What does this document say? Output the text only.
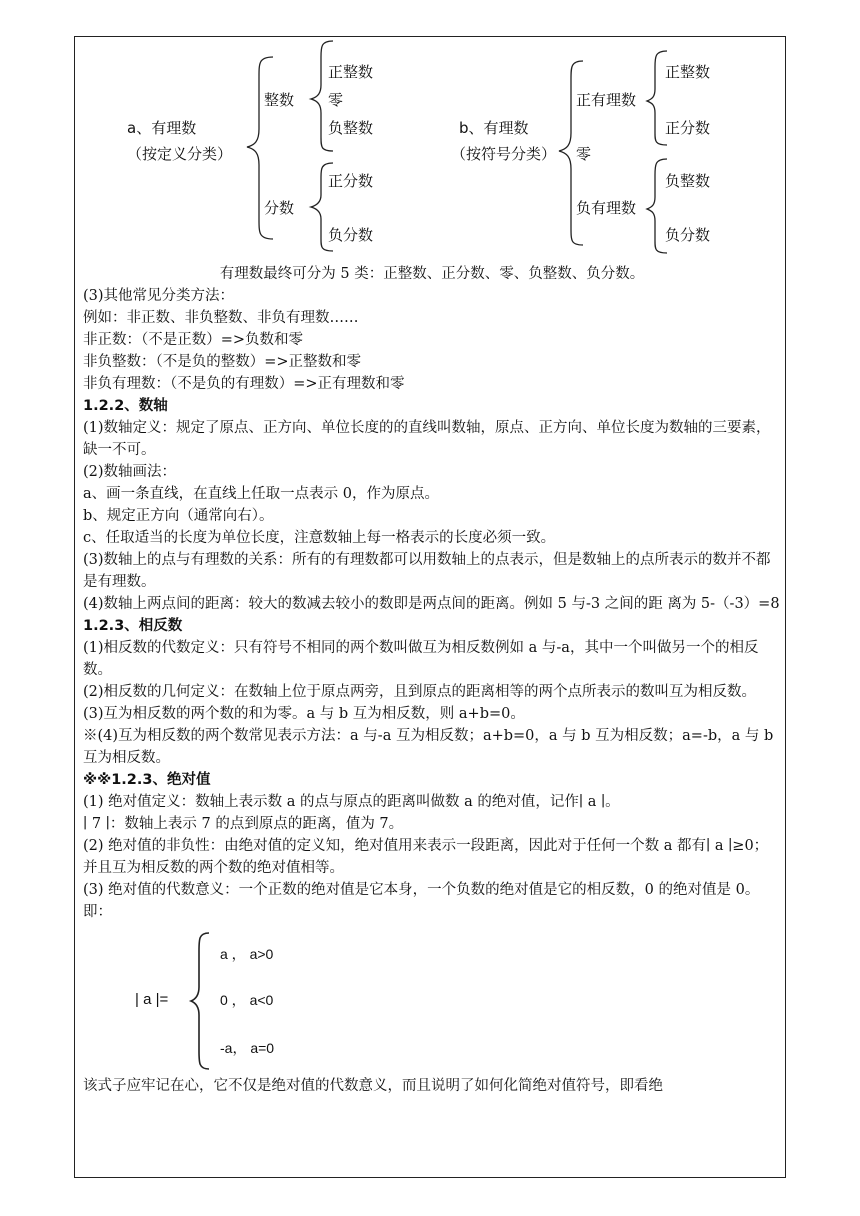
a、有理数
（按定义分类）
整数
正整数
零
负整数
分数
正分数
负分数
b、有理数
（按符号分类） 零
正有理数
正整数
正分数
负有理数
负整数
负分数

有理数最终可分为 5 类：正整数、正分数、零、负整数、负分数。

(3)其他常见分类方法：

例如：非正数、非负整数、非负有理数……

非正数：（不是正数）=>负数和零

非负整数：（不是负的整数）=>正整数和零

非负有理数：（不是负的有理数）=>正有理数和零

1.2.2、数轴

(1)数轴定义：规定了原点、正方向、单位长度的的直线叫数轴，原点、正方向、单位长度为数轴的三要素，缺一不可。

(2)数轴画法：

a、画一条直线，在直线上任取一点表示 0，作为原点。

b、规定正方向（通常向右）。

c、任取适当的长度为单位长度，注意数轴上每一格表示的长度必须一致。

(3)数轴上的点与有理数的关系：所有的有理数都可以用数轴上的点表示，但是数轴上的点所表示的数并不都是有理数。

(4)数轴上两点间的距离：较大的数减去较小的数即是两点间的距离。例如 5 与-3 之间的距 离为 5-（-3）=8

1.2.3、相反数

(1)相反数的代数定义：只有符号不相同的两个数叫做互为相反数例如 a 与-a，其中一个叫做另一个的相反数。

(2)相反数的几何定义：在数轴上位于原点两旁，且到原点的距离相等的两个点所表示的数叫互为相反数。

(3)互为相反数的两个数的和为零。a 与 b 互为相反数，则 a+b=0。

※(4)互为相反数的两个数常见表示方法：a 与-a 互为相反数；a+b=0，a 与 b 互为相反数；a=-b，a 与 b 互为相反数。

※※1.2.3、绝对值

(1) 绝对值定义：数轴上表示数 a 的点与原点的距离叫做数 a 的绝对值，记作∣ a ∣。

∣ 7 ∣：数轴上表示 7 的点到原点的距离，值为 7。

(2) 绝对值的非负性：由绝对值的定义知，绝对值用来表示一段距离，因此对于任何一个数 a 都有∣ a ∣≥0；并且互为相反数的两个数的绝对值相等。

(3) 绝对值的代数意义：一个正数的绝对值是它本身，一个负数的绝对值是它的相反数，0 的绝对值是 0。即：

| a |=
a ， a>0
0 ， a<0
-a， a=0

该式子应牢记在心，它不仅是绝对值的代数意义，而且说明了如何化简绝对值符号，即看绝
